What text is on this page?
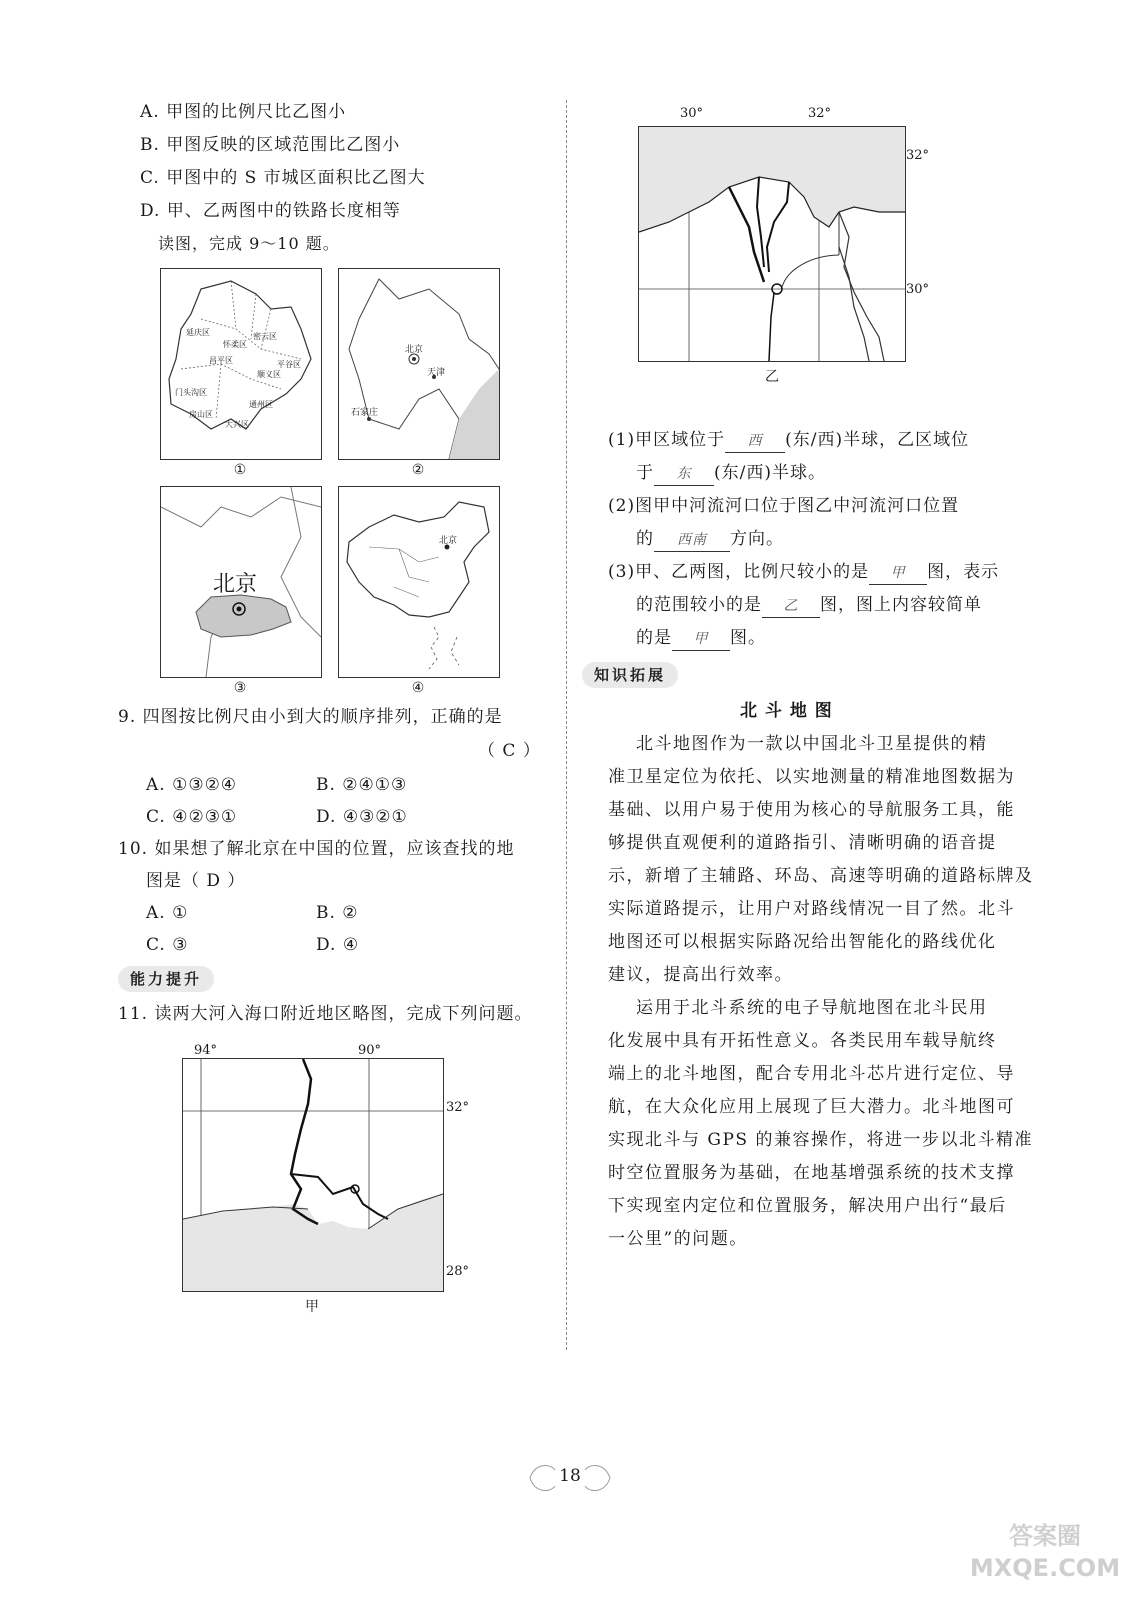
A. 甲图的比例尺比乙图小
B. 甲图反映的区域范围比乙图小
C. 甲图中的 S 市城区面积比乙图大
D. 甲、乙两图中的铁路长度相等
读图，完成 9～10 题。
延庆区
怀柔区
密云区
昌平区	平谷区
顺义区
门头沟区
房山区
通州区
大兴区
①
北京
天津
石家庄
②
北京
③
北京
④
9. 四图按比例尺由小到大的顺序排列，正确的是
（ C ）
A. ①③②④	B. ②④①③
C. ④②③①	D. ④③②①
10. 如果想了解北京在中国的位置，应该查找的地
图是（ D ）
A. ①	B. ②
C. ③	D. ④
能力提升
11. 读两大河入海口附近地区略图，完成下列问题。
94°	90°
32°
28°
甲
30°	32°
32°
30°
乙
(1)甲区域位于 西 (东/西)半球，乙区域位
于 东 (东/西)半球。
(2)图甲中河流河口位于图乙中河流河口位置
的 西南 方向。
(3)甲、乙两图，比例尺较小的是 甲 图，表示
的范围较小的是 乙 图，图上内容较简单
的是 甲 图。
知识拓展
北 斗 地 图
北斗地图作为一款以中国北斗卫星提供的精
准卫星定位为依托、以实地测量的精准地图数据为
基础、以用户易于使用为核心的导航服务工具，能
够提供直观便利的道路指引、清晰明确的语音提
示，新增了主辅路、环岛、高速等明确的道路标牌及
实际道路提示，让用户对路线情况一目了然。北斗
地图还可以根据实际路况给出智能化的路线优化
建议，提高出行效率。
运用于北斗系统的电子导航地图在北斗民用
化发展中具有开拓性意义。各类民用车载导航终
端上的北斗地图，配合专用北斗芯片进行定位、导
航，在大众化应用上展现了巨大潜力。北斗地图可
实现北斗与 GPS 的兼容操作，将进一步以北斗精准
时空位置服务为基础，在地基增强系统的技术支撑
下实现室内定位和位置服务，解决用户出行“最后
一公里”的问题。
18
答案圈 MXQE.COM
